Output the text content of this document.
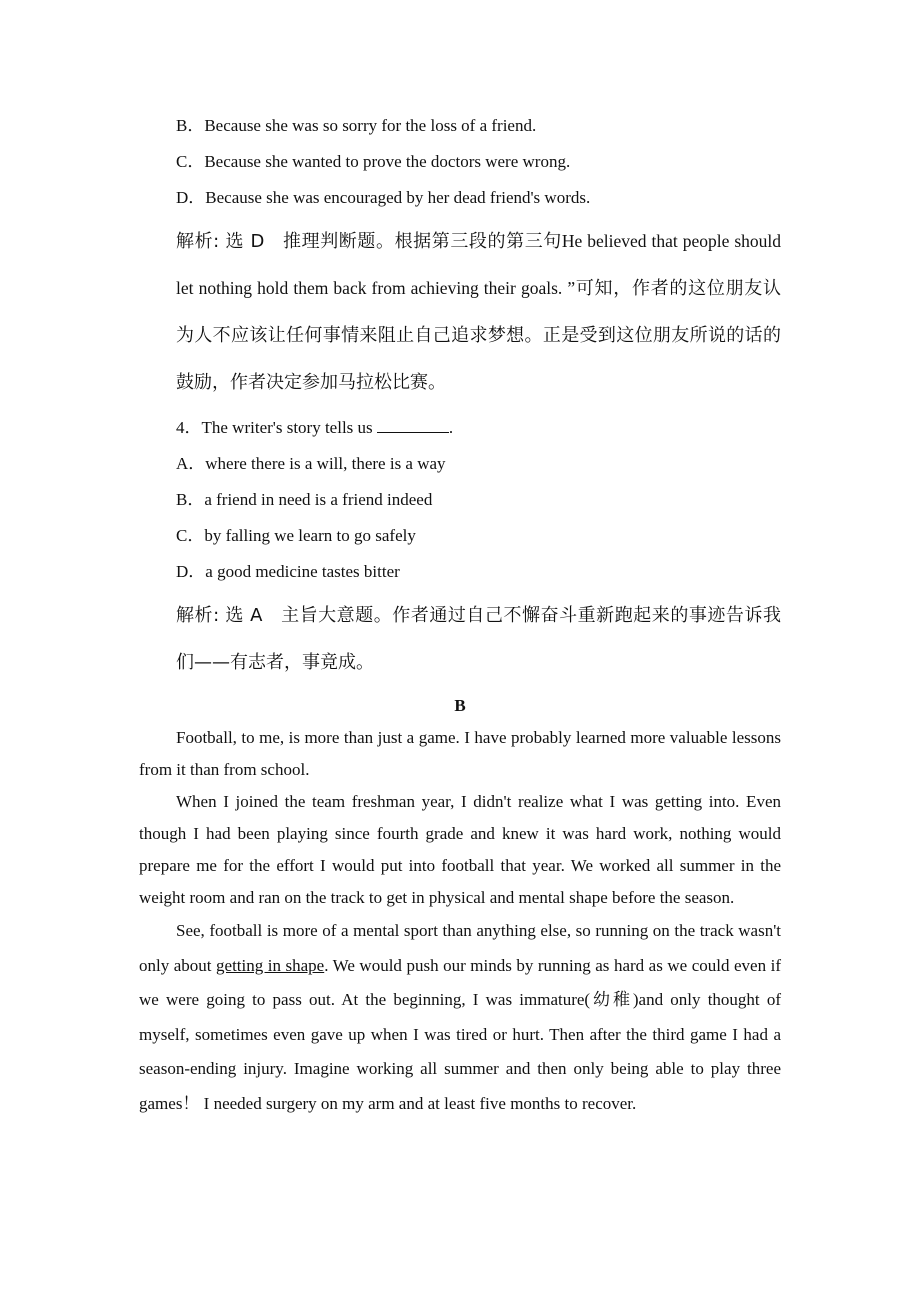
B．Because she was so sorry for the loss of a friend.

C．Because she wanted to prove the doctors were wrong.

D．Because she was encouraged by her dead friend's words.

解析: 选 D　 推理判断题。根据第三段的第三句He believed that people should let nothing hold them back from achieving their goals. ”可知，作者的这位朋友认为人不应该让任何事情来阻止自己追求梦想。正是受到这位朋友所说的话的鼓励，作者决定参加马拉松比赛。

4．The writer's story tells us	.

A．where there is a will, there is a way

B．a friend in need is a friend indeed

C．by falling we learn to go safely

D．a good medicine tastes bitter

解析: 选 A　 主旨大意题。作者通过自己不懈奋斗重新跑起来的事迹告诉我们——有志者，事竟成。

B

Football, to me, is more than just a game. I have probably learned more valuable lessons from it than from school.

When I joined the team freshman year, I didn't realize what I was getting into. Even though I had been playing since fourth grade and knew it was hard work, nothing would prepare me for the effort I would put into football that year. We worked all summer in the weight room and ran on the track to get in physical and mental shape before the season.

See, football is more of a mental sport than anything else, so running on the track wasn't only about getting in shape. We would push our minds by running as hard as we could even if we were going to pass out. At the beginning, I was immature(幼稚)and only thought of myself, sometimes even gave up when I was tired or hurt. Then after the third game I had a season-ending injury. Imagine working all summer and then only being able to play three games！ I needed surgery on my arm and at least five months to recover.
